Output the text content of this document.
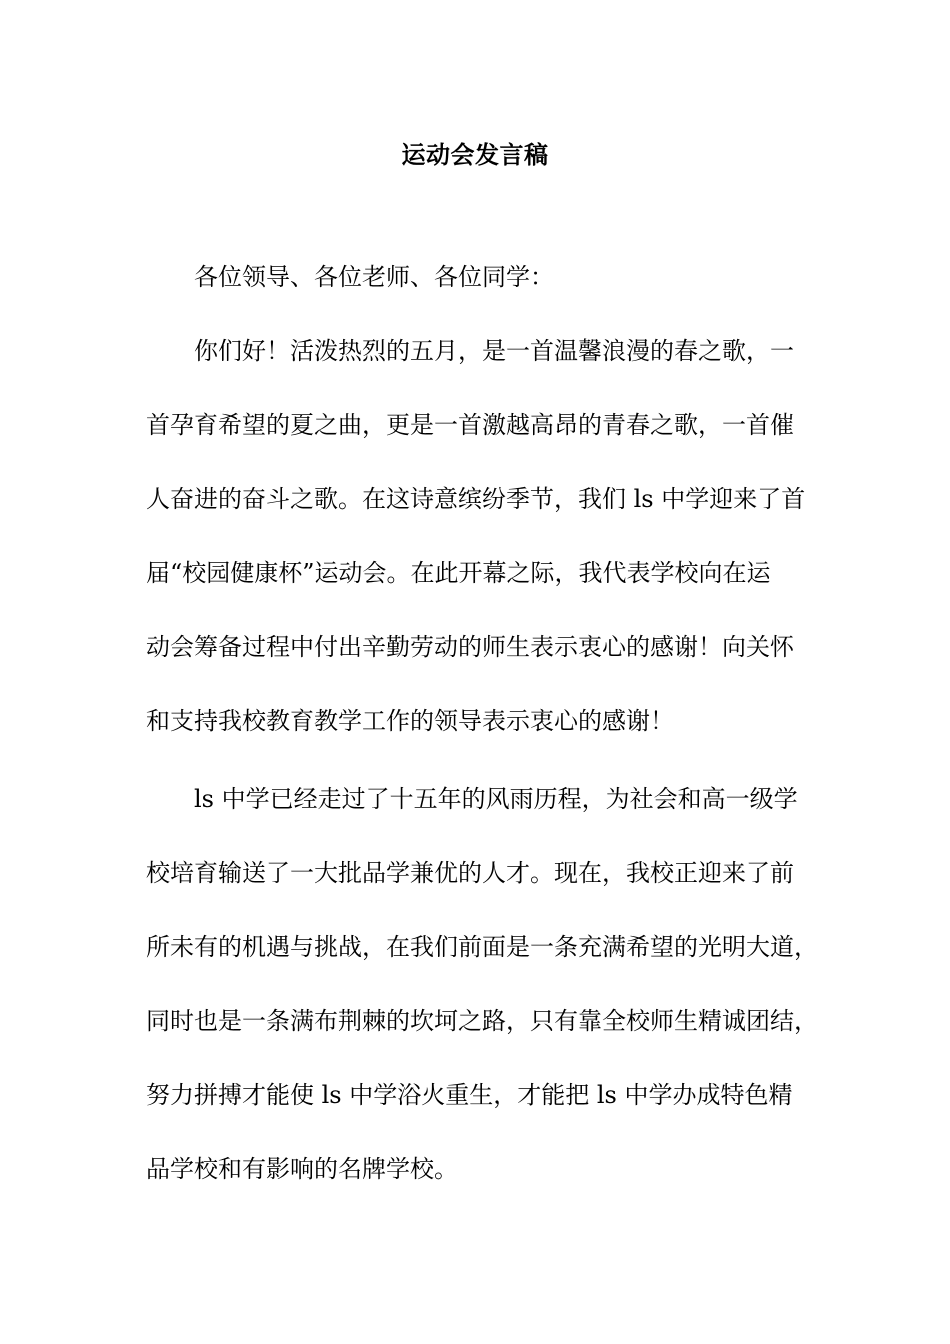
运动会发言稿
各位领导、各位老师、各位同学：
你们好！活泼热烈的五月，是一首温馨浪漫的春之歌，一
首孕育希望的夏之曲，更是一首激越高昂的青春之歌，一首催
人奋进的奋斗之歌。在这诗意缤纷季节，我们 ls 中学迎来了首
届“校园健康杯”运动会。在此开幕之际，我代表学校向在运
动会筹备过程中付出辛勤劳动的师生表示衷心的感谢！向关怀
和支持我校教育教学工作的领导表示衷心的感谢！
ls 中学已经走过了十五年的风雨历程，为社会和高一级学
校培育输送了一大批品学兼优的人才。现在，我校正迎来了前
所未有的机遇与挑战，在我们前面是一条充满希望的光明大道，
同时也是一条满布荆棘的坎坷之路，只有靠全校师生精诚团结，
努力拼搏才能使 ls 中学浴火重生，才能把 ls 中学办成特色精
品学校和有影响的名牌学校。
